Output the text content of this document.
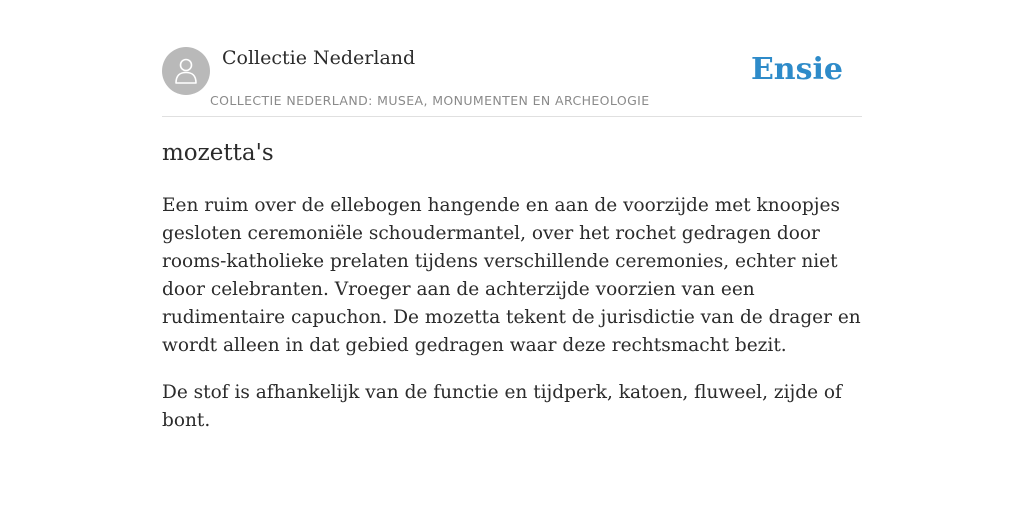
Collectie Nederland
COLLECTIE NEDERLAND: MUSEA, MONUMENTEN EN ARCHEOLOGIE
Ensie
mozetta's

Een ruim over de ellebogen hangende en aan de voorzijde met knoopjes gesloten ceremoniële schoudermantel, over het rochet gedragen door rooms-katholieke prelaten tijdens verschillende ceremonies, echter niet door celebranten. Vroeger aan de achterzijde voorzien van een rudimentaire capuchon. De mozetta tekent de jurisdictie van de drager en wordt alleen in dat gebied gedragen waar deze rechtsmacht bezit.

De stof is afhankelijk van de functie en tijdperk, katoen, fluweel, zijde of bont.
